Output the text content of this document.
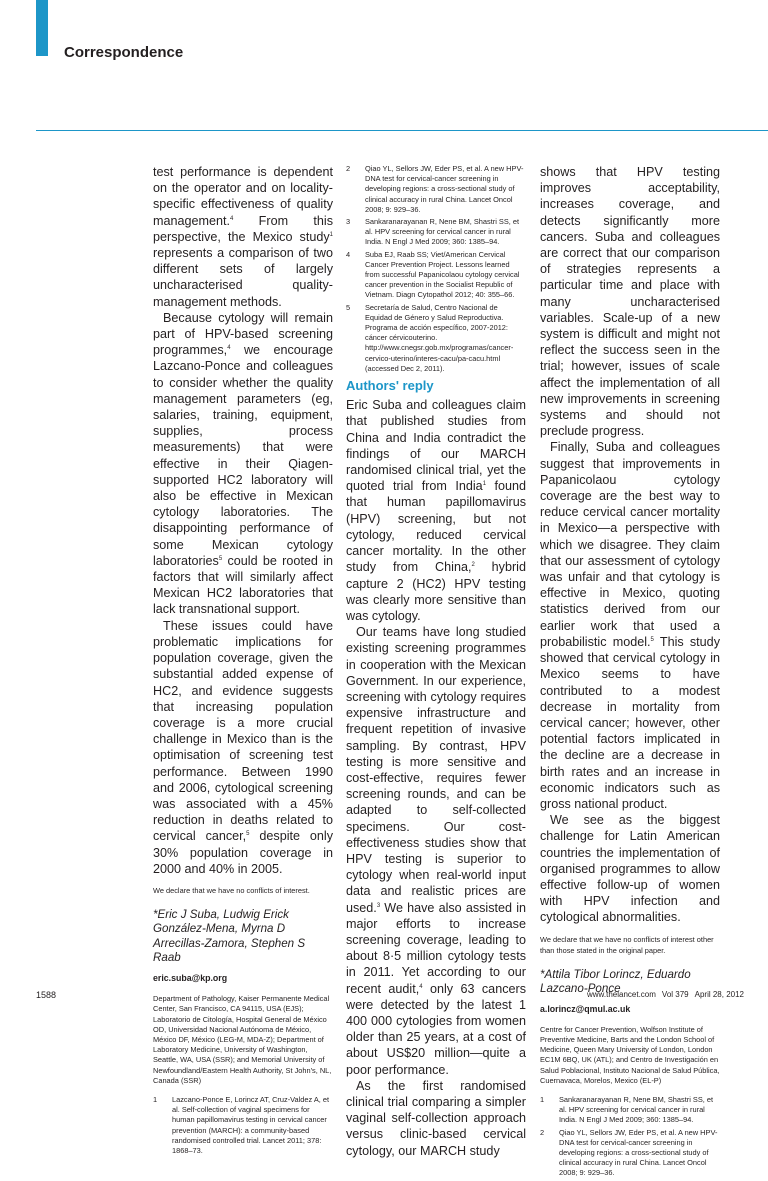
Correspondence

test performance is dependent on the operator and on locality-specific effectiveness of quality management.$^4$ From this perspective, the Mexico study$^1$ represents a comparison of two different sets of largely uncharacterised quality-management methods.

Because cytology will remain part of HPV-based screening programmes,$^4$ we encourage Lazcano-Ponce and colleagues to consider whether the quality management parameters (eg, salaries, training, equipment, supplies, process measurements) that were effective in their Qiagen-supported HC2 laboratory will also be effective in Mexican cytology laboratories. The disappointing performance of some Mexican cytology laboratories$^5$ could be rooted in factors that will similarly affect Mexican HC2 laboratories that lack transnational support.

These issues could have problematic implications for population coverage, given the substantial added expense of HC2, and evidence suggests that increasing population coverage is a more crucial challenge in Mexico than is the optimisation of screening test performance. Between 1990 and 2006, cytological screening was associated with a 45% reduction in deaths related to cervical cancer,$^5$ despite only 30% population coverage in 2000 and 40% in 2005.

We declare that we have no conflicts of interest.

*Eric J Suba, Ludwig Erick González-Mena, Myrna D Arrecillas-Zamora, Stephen S Raab

eric.suba@kp.org

Department of Pathology, Kaiser Permanente Medical Center, San Francisco, CA 94115, USA (EJS); Laboratorio de Citología, Hospital General de México OD, Universidad Nacional Autónoma de México, México DF, México (LEG-M, MDA-Z); Department of Laboratory Medicine, University of Washington, Seattle, WA, USA (SSR); and Memorial University of Newfoundland/Eastern Health Authority, St John's, NL, Canada (SSR)

1 Lazcano-Ponce E, Lorincz AT, Cruz-Valdez A, et al. Self-collection of vaginal specimens for human papillomavirus testing in cervical cancer prevention (MARCH): a community-based randomised controlled trial. Lancet 2011; 378: 1868–73.
2 Qiao YL, Sellors JW, Eder PS, et al. A new HPV-DNA test for cervical-cancer screening in developing regions: a cross-sectional study of clinical accuracy in rural China. Lancet Oncol 2008; 9: 929–36.
3 Sankaranarayanan R, Nene BM, Shastri SS, et al. HPV screening for cervical cancer in rural India. N Engl J Med 2009; 360: 1385–94.
4 Suba EJ, Raab SS; Viet/American Cervical Cancer Prevention Project. Lessons learned from successful Papanicolaou cytology cervical cancer prevention in the Socialist Republic of Vietnam. Diagn Cytopathol 2012; 40: 355–66.
5 Secretaría de Salud, Centro Nacional de Equidad de Género y Salud Reproductiva. Programa de acción específico, 2007-2012: cáncer cérvicouterino. http://www.cnegsr.gob.mx/programas/cancer-cervico-uterino/interes-cacu/pa-cacu.html (accessed Dec 2, 2011).
Authors' reply

Eric Suba and colleagues claim that published studies from China and India contradict the findings of our MARCH randomised clinical trial, yet the quoted trial from India$^1$ found that human papillomavirus (HPV) screening, but not cytology, reduced cervical cancer mortality. In the other study from China,$^2$ hybrid capture 2 (HC2) HPV testing was clearly more sensitive than was cytology.

Our teams have long studied existing screening programmes in cooperation with the Mexican Government. In our experience, screening with cytology requires expensive infrastructure and frequent repetition of invasive sampling. By contrast, HPV testing is more sensitive and cost-effective, requires fewer screening rounds, and can be adapted to self-collected specimens. Our cost-effectiveness studies show that HPV testing is superior to cytology when real-world input data and realistic prices are used.$^3$ We have also assisted in major efforts to increase screening coverage, leading to about 8·5 million cytology tests in 2011. Yet according to our recent audit,$^4$ only 63 cancers were detected by the latest 1 400 000 cytologies from women older than 25 years, at a cost of about US$20 million—quite a poor performance.

As the first randomised clinical trial comparing a simpler vaginal self-collection approach versus clinic-based cervical cytology, our MARCH study

shows that HPV testing improves acceptability, increases coverage, and detects significantly more cancers. Suba and colleagues are correct that our comparison of strategies represents a particular time and place with many uncharacterised variables. Scale-up of a new system is difficult and might not reflect the success seen in the trial; however, issues of scale affect the implementation of all new improvements in screening systems and should not preclude progress.

Finally, Suba and colleagues suggest that improvements in Papanicolaou cytology coverage are the best way to reduce cervical cancer mortality in Mexico—a perspective with which we disagree. They claim that our assessment of cytology was unfair and that cytology is effective in Mexico, quoting statistics derived from our earlier work that used a probabilistic model.$^5$ This study showed that cervical cytology in Mexico seems to have contributed to a modest decrease in mortality from cervical cancer; however, other potential factors implicated in the decline are a decrease in birth rates and an increase in economic indicators such as gross national product.

We see as the biggest challenge for Latin American countries the implementation of organised programmes to allow effective follow-up of women with HPV infection and cytological abnormalities.

We declare that we have no conflicts of interest other than those stated in the original paper.

*Attila Tibor Lorincz, Eduardo Lazcano-Ponce

a.lorincz@qmul.ac.uk

Centre for Cancer Prevention, Wolfson Institute of Preventive Medicine, Barts and the London School of Medicine, Queen Mary University of London, London EC1M 6BQ, UK (ATL); and Centro de Investigación en Salud Poblacional, Instituto Nacional de Salud Pública, Cuernavaca, Morelos, Mexico (EL-P)

1 Sankaranarayanan R, Nene BM, Shastri SS, et al. HPV screening for cervical cancer in rural India. N Engl J Med 2009; 360: 1385–94.
2 Qiao YL, Sellors JW, Eder PS, et al. A new HPV-DNA test for cervical-cancer screening in developing regions: a cross-sectional study of clinical accuracy in rural China. Lancet Oncol 2008; 9: 929–36.
1588	www.thelancet.com Vol 379 April 28, 2012
